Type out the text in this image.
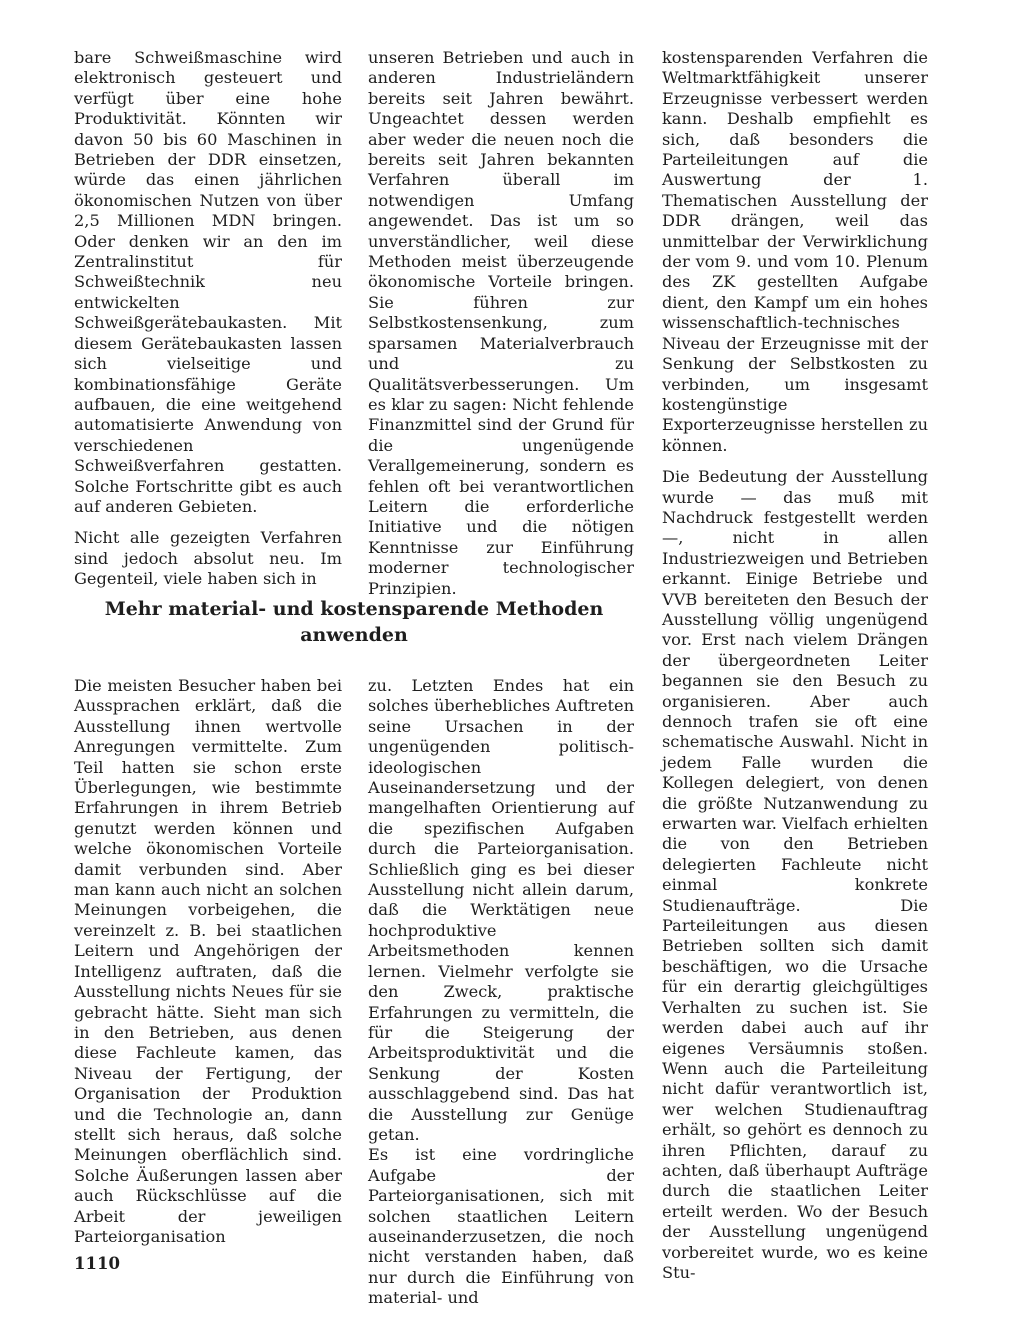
bare Schweißmaschine wird elektronisch gesteuert und verfügt über eine hohe Produktivität. Könnten wir davon 50 bis 60 Maschinen in Betrieben der DDR einsetzen, würde das einen jährlichen ökonomischen Nutzen von über 2,5 Millionen MDN bringen. Oder denken wir an den im Zentralinstitut für Schweißtechnik neu entwickelten Schweißgerätebaukasten. Mit diesem Gerätebaukasten lassen sich vielseitige und kombinationsfähige Geräte aufbauen, die eine weitgehend automatisierte Anwendung von verschiedenen Schweißverfahren gestatten. Solche Fortschritte gibt es auch auf anderen Gebieten.

Nicht alle gezeigten Verfahren sind jedoch absolut neu. Im Gegenteil, viele haben sich in

unseren Betrieben und auch in anderen Industrieländern bereits seit Jahren bewährt. Ungeachtet dessen werden aber weder die neuen noch die bereits seit Jahren bekannten Verfahren überall im notwendigen Umfang angewendet. Das ist um so unverständlicher, weil diese Methoden meist überzeugende ökonomische Vorteile bringen. Sie führen zur Selbstkostensenkung, zum sparsamen Materialverbrauch und zu Qualitätsverbesserungen. Um es klar zu sagen: Nicht fehlende Finanzmittel sind der Grund für die ungenügende Verallgemeinerung, sondern es fehlen oft bei verantwortlichen Leitern die erforderliche Initiative und die nötigen Kenntnisse zur Einführung moderner technologischer Prinzipien.

kostensparenden Verfahren die Weltmarktfähigkeit unserer Erzeugnisse verbessert werden kann. Deshalb empfiehlt es sich, daß besonders die Parteileitungen auf die Auswertung der 1. Thematischen Ausstellung der DDR drängen, weil das unmittelbar der Verwirklichung der vom 9. und vom 10. Plenum des ZK gestellten Aufgabe dient, den Kampf um ein hohes wissenschaftlich-technisches Niveau der Erzeugnisse mit der Senkung der Selbstkosten zu verbinden, um insgesamt kostengünstige Exporterzeugnisse herstellen zu können.

Die Bedeutung der Ausstellung wurde — das muß mit Nachdruck festgestellt werden —, nicht in allen Industriezweigen und Betrieben erkannt. Einige Betriebe und VVB bereiteten den Besuch der Ausstellung völlig ungenügend vor. Erst nach vielem Drängen der übergeordneten Leiter begannen sie den Besuch zu organisieren. Aber auch dennoch trafen sie oft eine schematische Auswahl. Nicht in jedem Falle wurden die Kollegen delegiert, von denen die größte Nutzanwendung zu erwarten war. Vielfach erhielten die von den Betrieben delegierten Fachleute nicht einmal konkrete Studienaufträge. Die Parteileitungen aus diesen Betrieben sollten sich damit beschäftigen, wo die Ursache für ein derartig gleichgültiges Verhalten zu suchen ist. Sie werden dabei auch auf ihr eigenes Versäumnis stoßen. Wenn auch die Parteileitung nicht dafür verantwortlich ist, wer welchen Studienauftrag erhält, so gehört es dennoch zu ihren Pflichten, darauf zu achten, daß überhaupt Aufträge durch die staatlichen Leiter erteilt werden. Wo der Besuch der Ausstellung ungenügend vorbereitet wurde, wo es keine Stu-

Mehr material- und kostensparende Methoden anwenden

Die meisten Besucher haben bei Aussprachen erklärt, daß die Ausstellung ihnen wertvolle Anregungen vermittelte. Zum Teil hatten sie schon erste Überlegungen, wie bestimmte Erfahrungen in ihrem Betrieb genutzt werden können und welche ökonomischen Vorteile damit verbunden sind. Aber man kann auch nicht an solchen Meinungen vorbeigehen, die vereinzelt z. B. bei staatlichen Leitern und Angehörigen der Intelligenz auftraten, daß die Ausstellung nichts Neues für sie gebracht hätte. Sieht man sich in den Betrieben, aus denen diese Fachleute kamen, das Niveau der Fertigung, der Organisation der Produktion und die Technologie an, dann stellt sich heraus, daß solche Meinungen oberflächlich sind. Solche Äußerungen lassen aber auch Rückschlüsse auf die Arbeit der jeweiligen Parteiorganisation

zu. Letzten Endes hat ein solches überhebliches Auftreten seine Ursachen in der ungenügenden politisch-ideologischen Auseinandersetzung und der mangelhaften Orientierung auf die spezifischen Aufgaben durch die Parteiorganisation. Schließlich ging es bei dieser Ausstellung nicht allein darum, daß die Werktätigen neue hochproduktive Arbeitsmethoden kennen lernen. Vielmehr verfolgte sie den Zweck, praktische Erfahrungen zu vermitteln, die für die Steigerung der Arbeitsproduktivität und die Senkung der Kosten ausschlaggebend sind. Das hat die Ausstellung zur Genüge getan.

Es ist eine vordringliche Aufgabe der Parteiorganisationen, sich mit solchen staatlichen Leitern auseinanderzusetzen, die noch nicht verstanden haben, daß nur durch die Einführung von material- und

1110
